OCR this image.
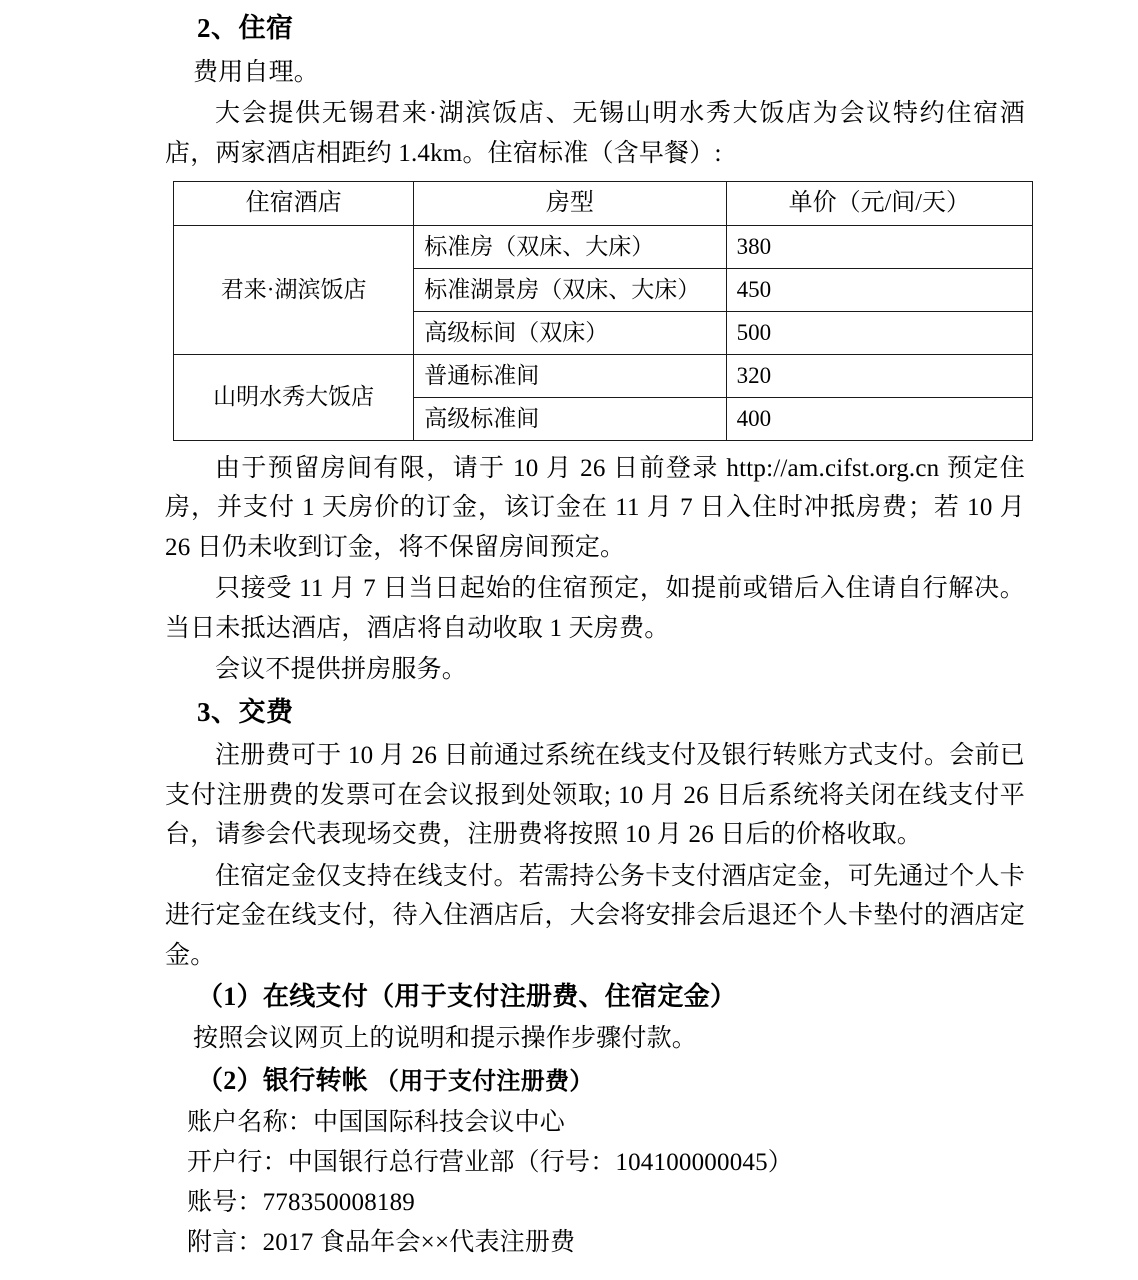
2、住宿

费用自理。

大会提供无锡君来·湖滨饭店、无锡山明水秀大饭店为会议特约住宿酒店，两家酒店相距约 1.4km。住宿标准（含早餐）:

住宿酒店	房型	单价（元/间/天）
君来·湖滨饭店	标准房（双床、大床）	380
	标准湖景房（双床、大床）	450
	高级标间（双床）	500
山明水秀大饭店	普通标准间	320
	高级标准间	400

由于预留房间有限，请于 10 月 26 日前登录 http://am.cifst.org.cn 预定住房，并支付 1 天房价的订金，该订金在 11 月 7 日入住时冲抵房费；若 10 月 26 日仍未收到订金，将不保留房间预定。

只接受 11 月 7 日当日起始的住宿预定，如提前或错后入住请自行解决。当日未抵达酒店，酒店将自动收取 1 天房费。

会议不提供拼房服务。

3、交费

注册费可于 10 月 26 日前通过系统在线支付及银行转账方式支付。会前已支付注册费的发票可在会议报到处领取; 10 月 26 日后系统将关闭在线支付平台，请参会代表现场交费，注册费将按照 10 月 26 日后的价格收取。

住宿定金仅支持在线支付。若需持公务卡支付酒店定金，可先通过个人卡进行定金在线支付，待入住酒店后，大会将安排会后退还个人卡垫付的酒店定金。

（1）在线支付（用于支付注册费、住宿定金）

按照会议网页上的说明和提示操作步骤付款。

（2）银行转帐 （用于支付注册费）

账户名称：中国国际科技会议中心

开户行：中国银行总行营业部（行号：104100000045）

账号：778350008189

附言：2017 食品年会××代表注册费
